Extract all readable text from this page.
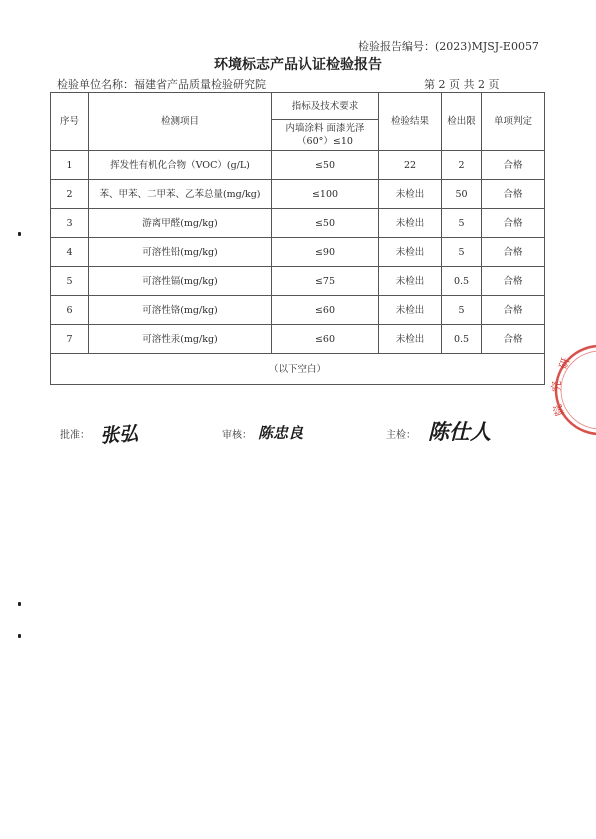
检验报告编号：(2023)MJSJ-E0057
环境标志产品认证检验报告
检验单位名称：福建省产品质量检验研究院	第 2 页 共 2 页
序号	检测项目	指标及技术要求	检验结果	检出限	单项判定
		内墙涂料 面漆光泽（60°）≤10			
1	挥发性有机化合物（VOC）(g/L)	≤50	22	2	合格
2	苯、甲苯、二甲苯、乙苯总量(mg/kg)	≤100	未检出	50	合格
3	游离甲醛(mg/kg)	≤50	未检出	5	合格
4	可溶性铅(mg/kg)	≤90	未检出	5	合格
5	可溶性镉(mg/kg)	≤75	未检出	0.5	合格
6	可溶性铬(mg/kg)	≤60	未检出	5	合格
7	可溶性汞(mg/kg)	≤60	未检出	0.5	合格
（以下空白）					
批准： 张弘	审核： 陈忠良	主检： 陈仕人
研
究
院
